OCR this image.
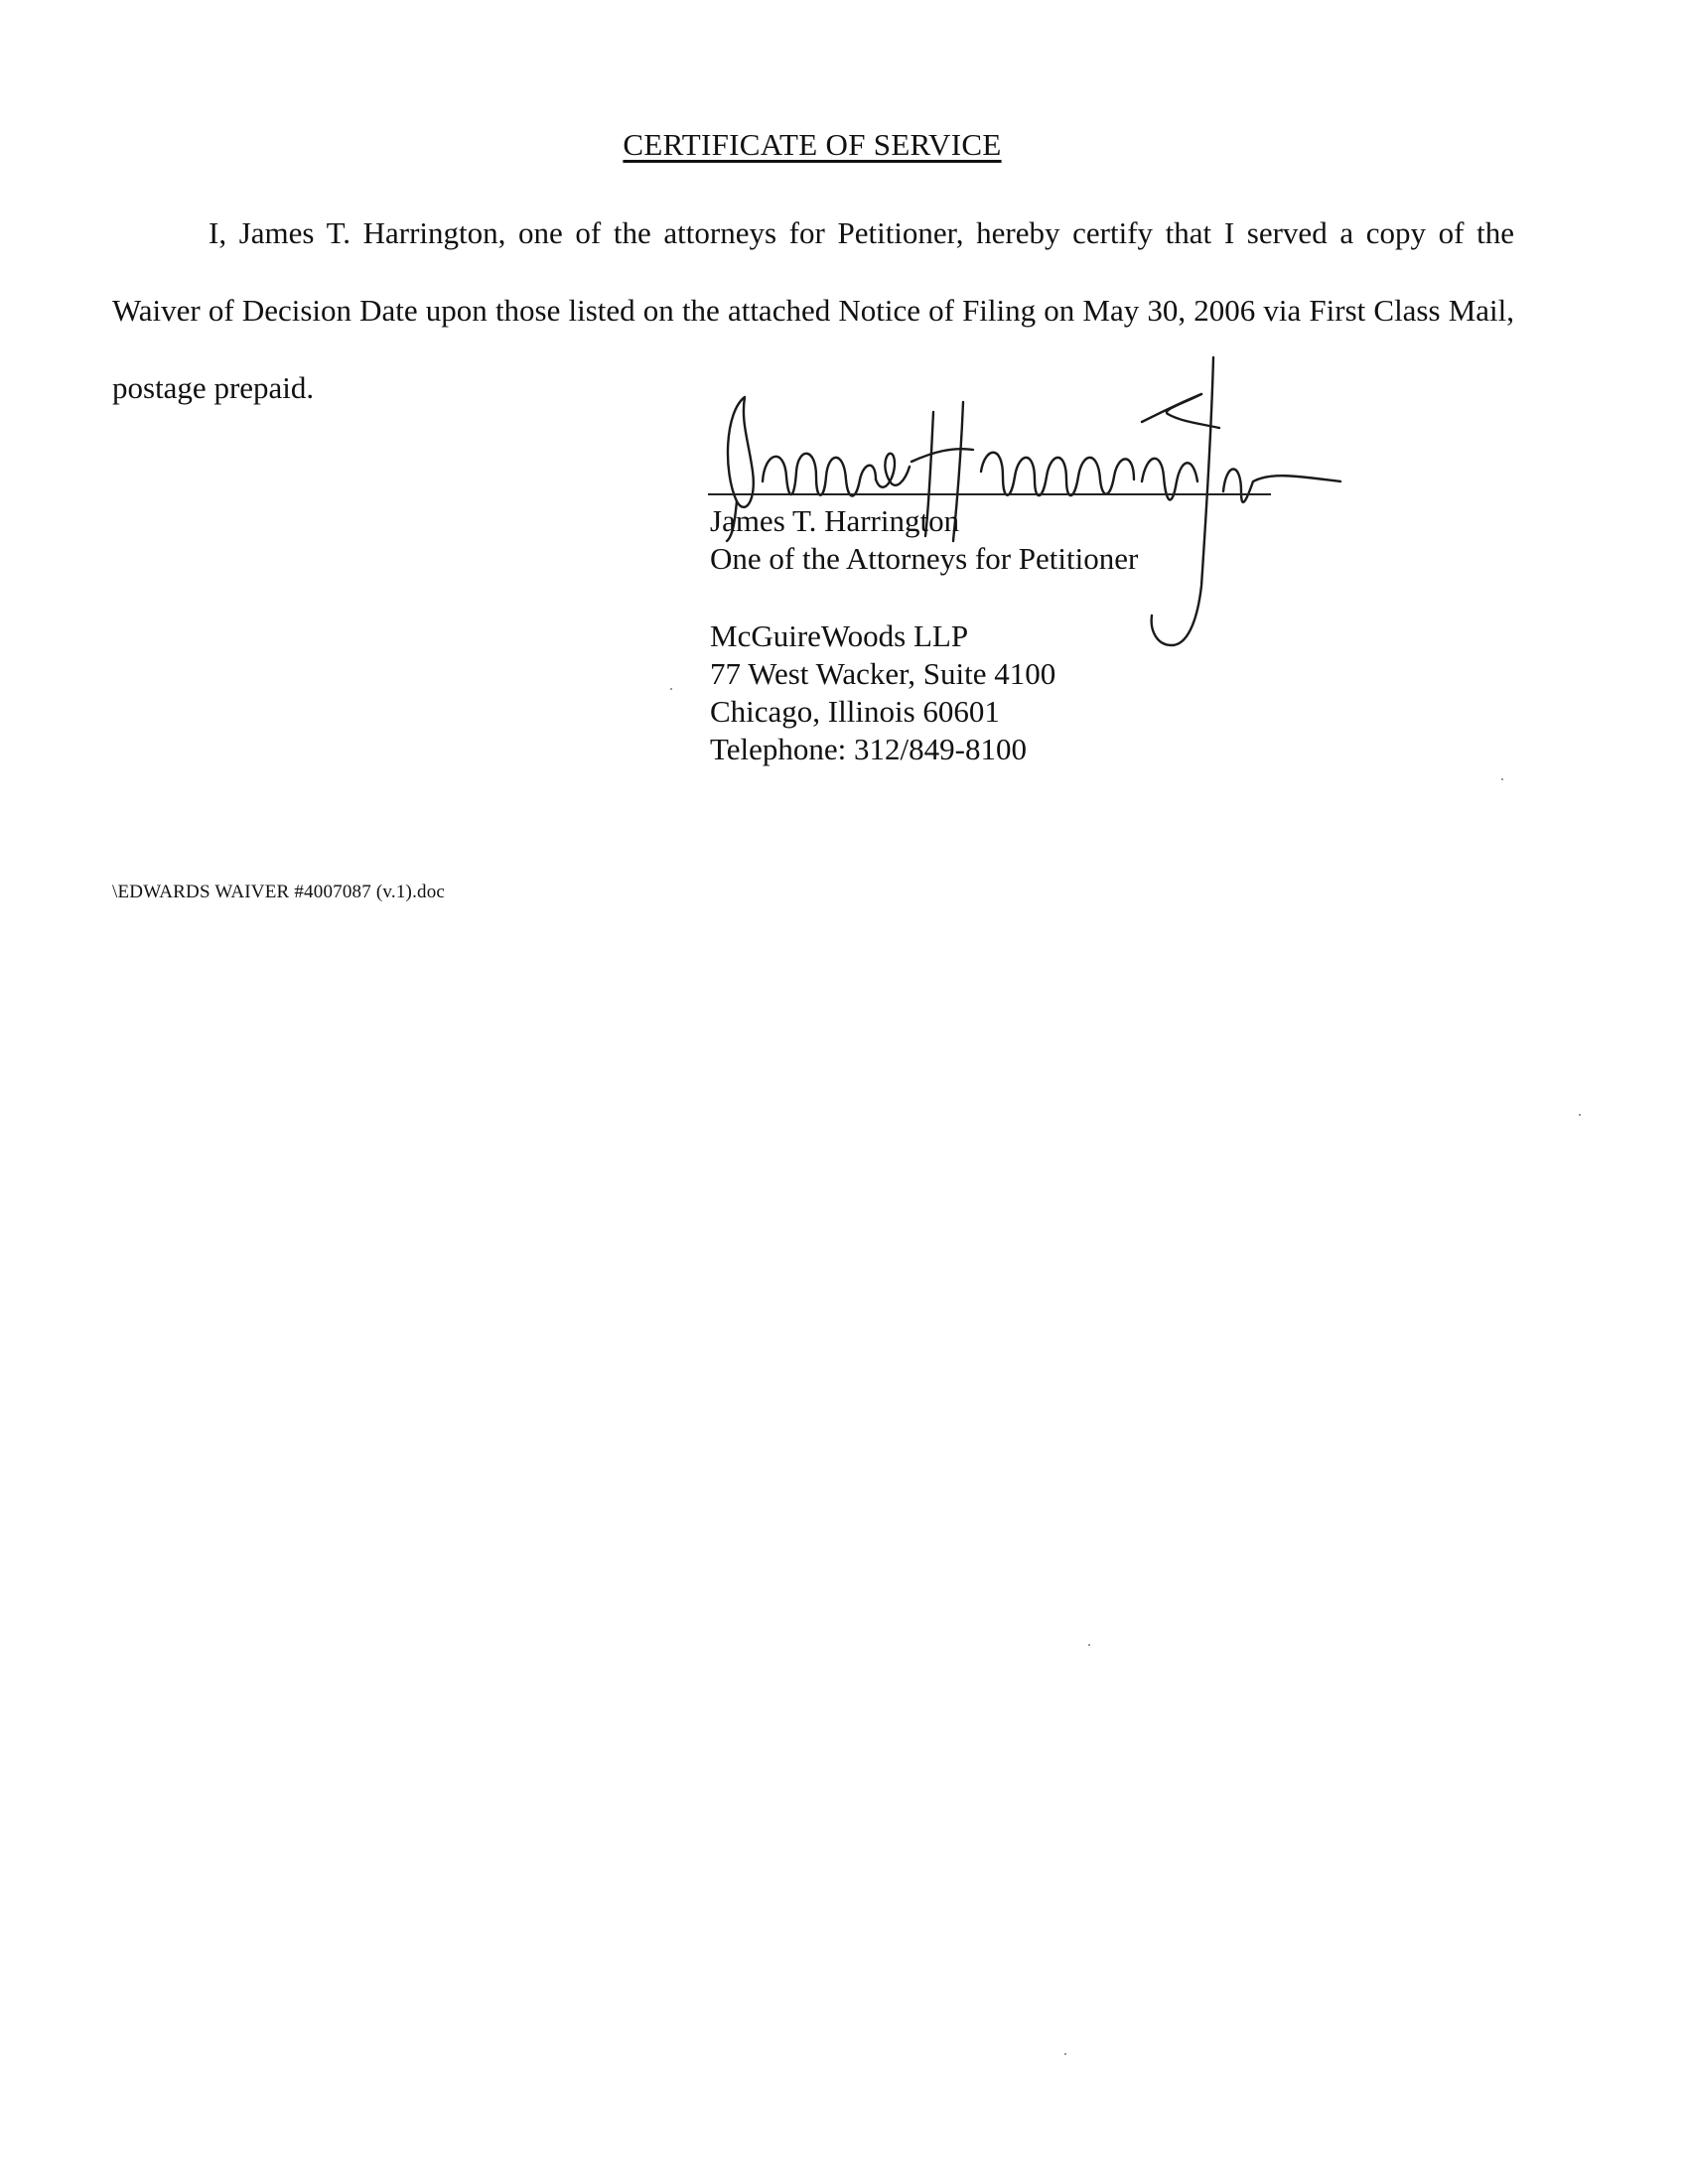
CERTIFICATE OF SERVICE
I, James T. Harrington, one of the attorneys for Petitioner, hereby certify that I served a copy of the Waiver of Decision Date upon those listed on the attached Notice of Filing on May 30, 2006 via First Class Mail, postage prepaid.
James T. Harrington
One of the Attorneys for Petitioner
McGuireWoods LLP
77 West Wacker, Suite 4100
Chicago, Illinois 60601
Telephone: 312/849-8100
\EDWARDS WAIVER #4007087 (v.1).doc
